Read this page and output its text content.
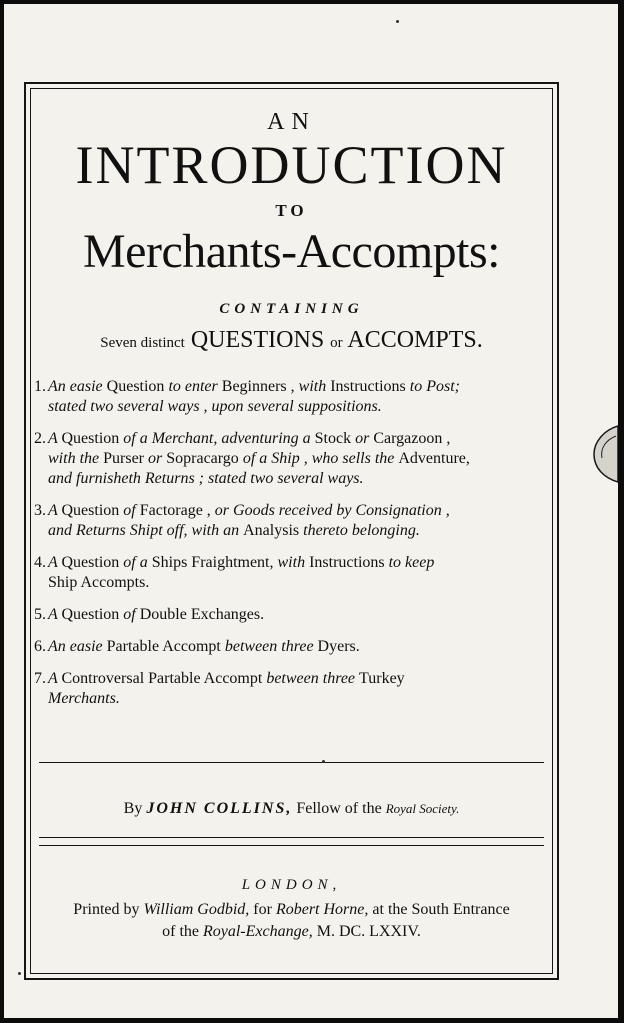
AN
INTRODUCTION
TO
Merchants-Accompts:
CONTAINING
Seven distinct QUESTIONS or ACCOMPTS.
1. An easie Question to enter Beginners , with Instructions to Post;
stated two several ways , upon several suppositions.
2. A Question of a Merchant, adventuring a Stock or Cargazoon ,
with the Purser or Sopracargo of a Ship , who sells the Adventure,
and furnisheth Returns ; stated two several ways.
3. A Question of Factorage , or Goods received by Consignation ,
and Returns Shipt off, with an Analysis thereto belonging.
4. A Question of a Ships Fraightment, with Instructions to keep
Ship Accompts.
5. A Question of Double Exchanges.
6. An easie Partable Accompt between three Dyers.
7. A Controversal Partable Accompt between three Turkey
Merchants.
By JOHN COLLINS, Fellow of the Royal Society.
LONDON,
Printed by William Godbid, for Robert Horne, at the South Entrance
of the Royal-Exchange, M. DC. LXXIV.
